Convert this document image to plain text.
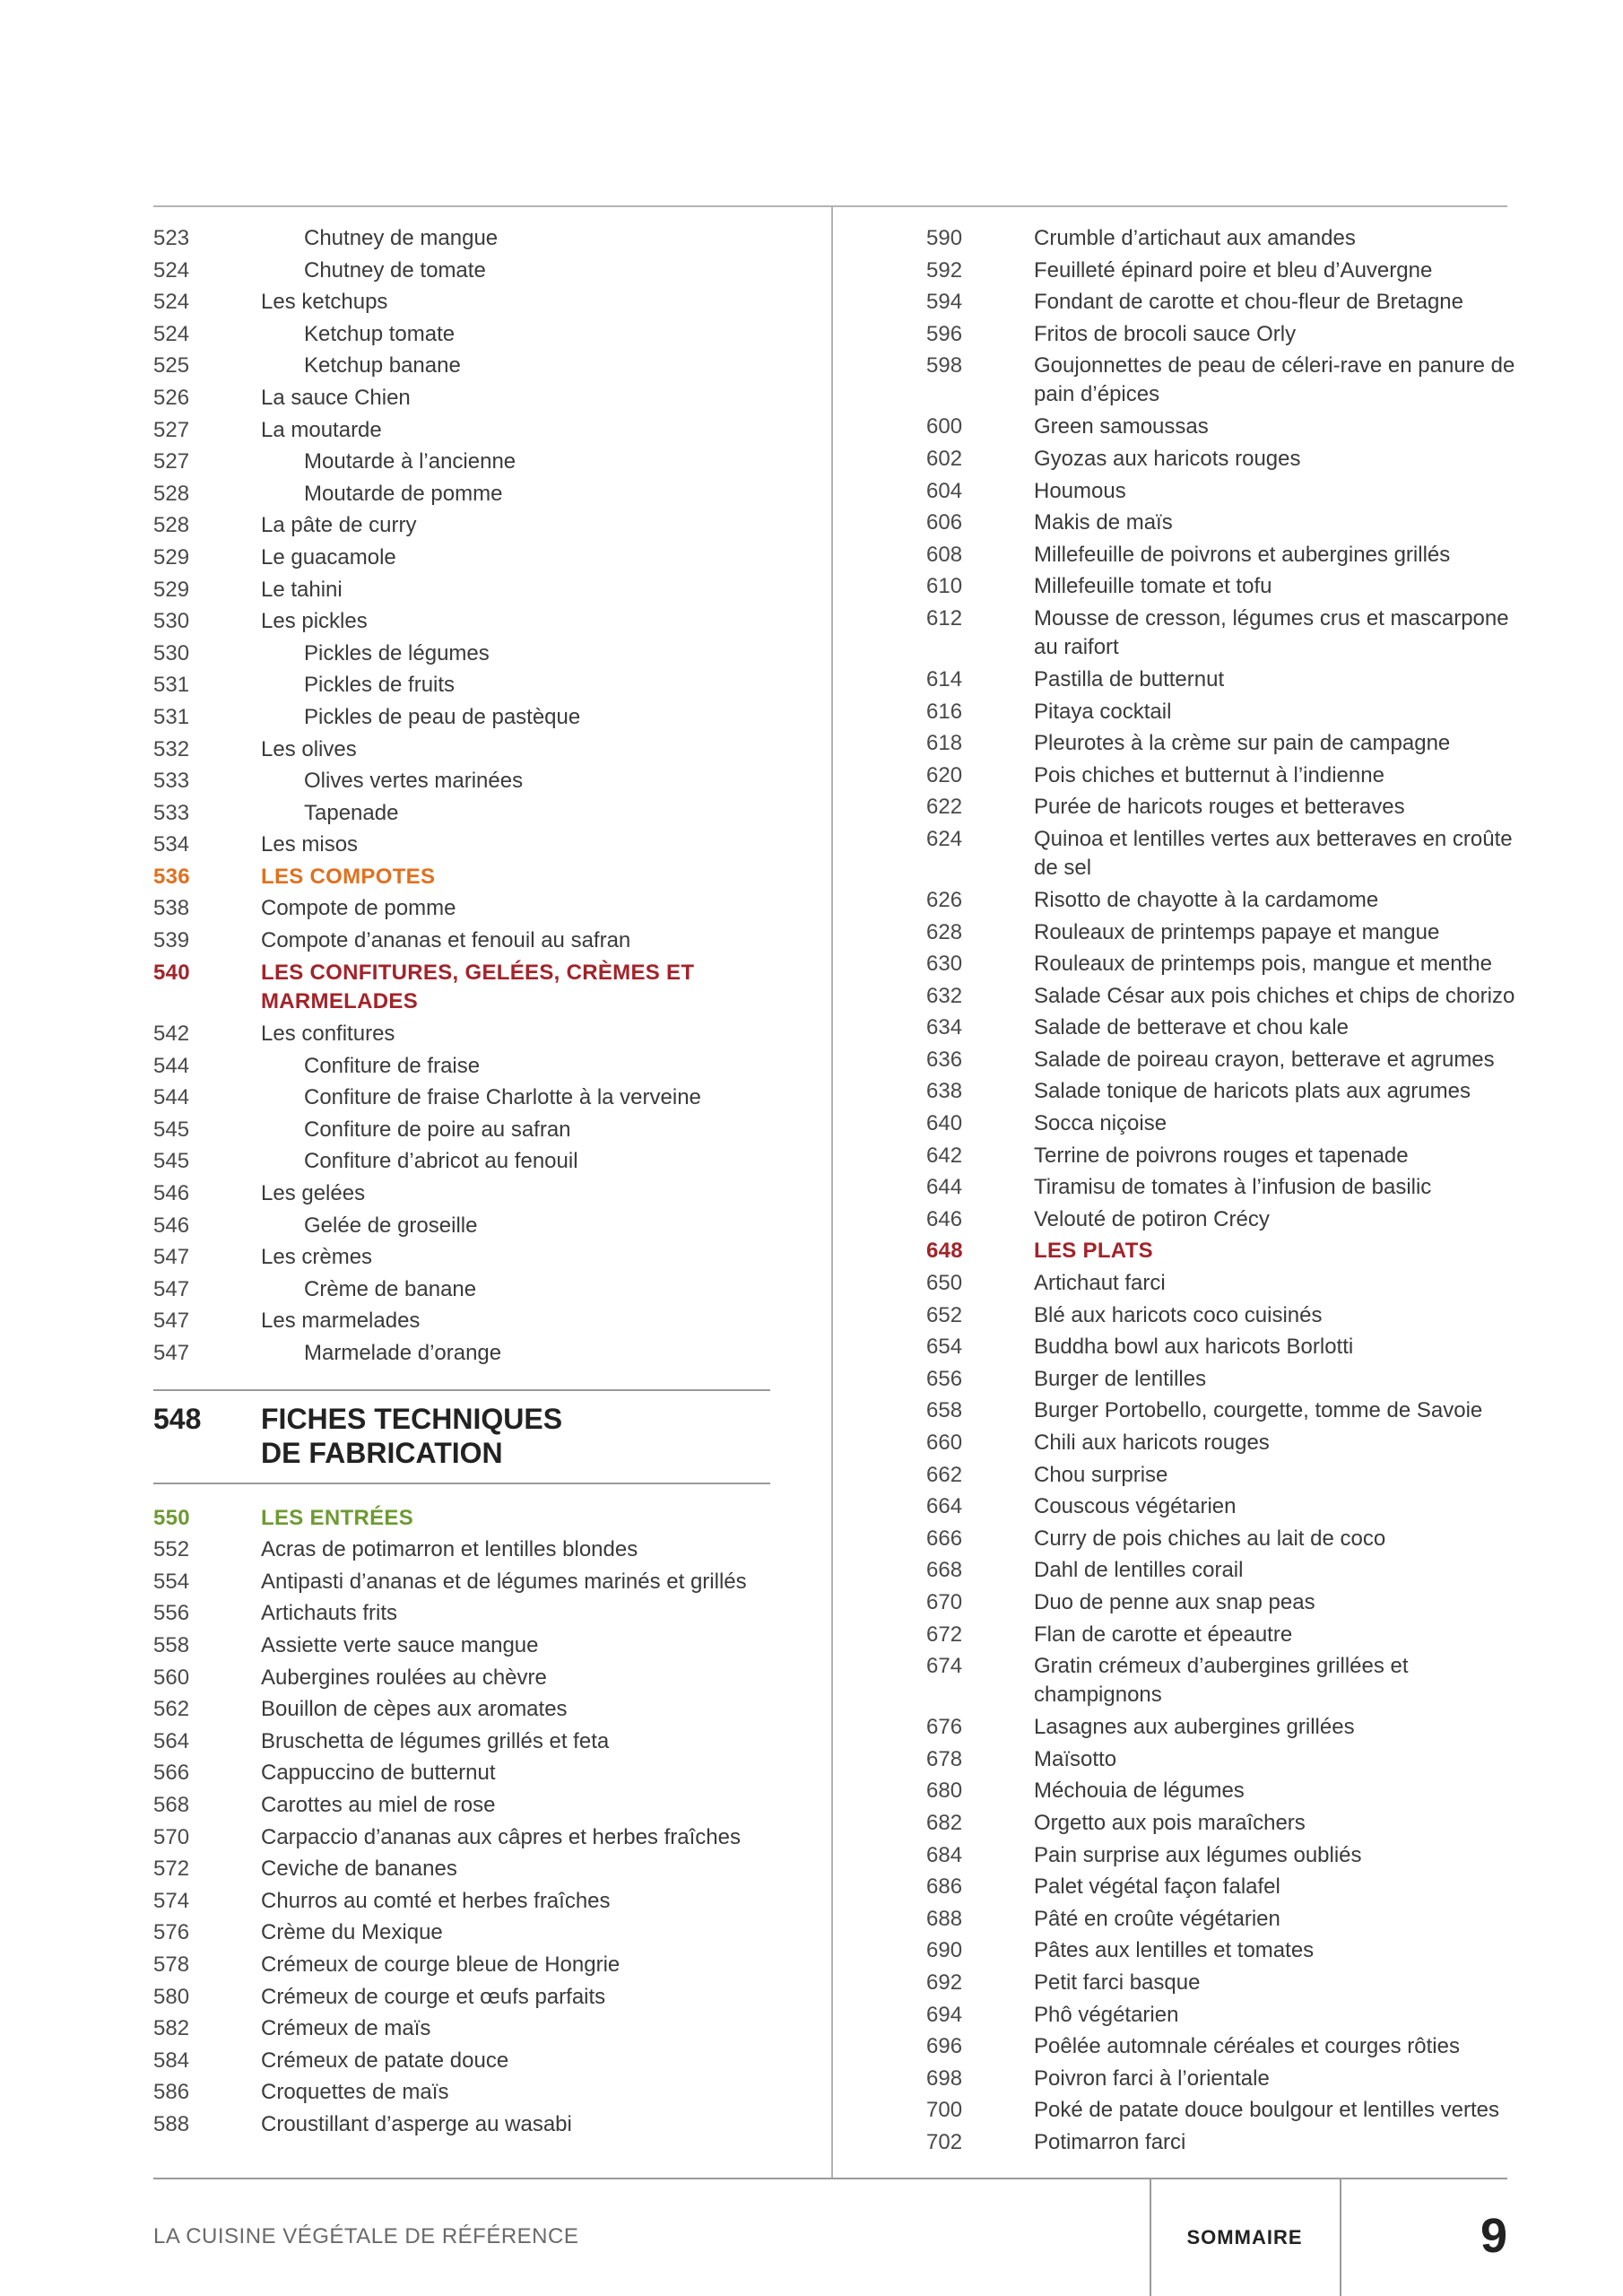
523	Chutney de mangue
524	Chutney de tomate
524	Les ketchups
524	Ketchup tomate
525	Ketchup banane
526	La sauce Chien
527	La moutarde
527	Moutarde à l’ancienne
528	Moutarde de pomme
528	La pâte de curry
529	Le guacamole
529	Le tahini
530	Les pickles
530	Pickles de légumes
531	Pickles de fruits
531	Pickles de peau de pastèque
532	Les olives
533	Olives vertes marinées
533	Tapenade
534	Les misos
536	LES COMPOTES
538	Compote de pomme
539	Compote d’ananas et fenouil au safran
540	LES CONFITURES, GELÉES, CRÈMES ET MARMELADES
542	Les confitures
544	Confiture de fraise
544	Confiture de fraise Charlotte à la verveine
545	Confiture de poire au safran
545	Confiture d’abricot au fenouil
546	Les gelées
546	Gelée de groseille
547	Les crèmes
547	Crème de banane
547	Les marmelades
547	Marmelade d’orange
548	FICHES TECHNIQUES
DE FABRICATION
550	LES ENTRÉES
552	Acras de potimarron et lentilles blondes
554	Antipasti d’ananas et de légumes marinés et grillés
556	Artichauts frits
558	Assiette verte sauce mangue
560	Aubergines roulées au chèvre
562	Bouillon de cèpes aux aromates
564	Bruschetta de légumes grillés et feta
566	Cappuccino de butternut
568	Carottes au miel de rose
570	Carpaccio d’ananas aux câpres et herbes fraîches
572	Ceviche de bananes
574	Churros au comté et herbes fraîches
576	Crème du Mexique
578	Crémeux de courge bleue de Hongrie
580	Crémeux de courge et œufs parfaits
582	Crémeux de maïs
584	Crémeux de patate douce
586	Croquettes de maïs
588	Croustillant d’asperge au wasabi
590	Crumble d’artichaut aux amandes
592	Feuilleté épinard poire et bleu d’Auvergne
594	Fondant de carotte et chou-fleur de Bretagne
596	Fritos de brocoli sauce Orly
598	Goujonnettes de peau de céleri-rave en panure de pain d’épices
600	Green samoussas
602	Gyozas aux haricots rouges
604	Houmous
606	Makis de maïs
608	Millefeuille de poivrons et aubergines grillés
610	Millefeuille tomate et tofu
612	Mousse de cresson, légumes crus et mascarpone au raifort
614	Pastilla de butternut
616	Pitaya cocktail
618	Pleurotes à la crème sur pain de campagne
620	Pois chiches et butternut à l’indienne
622	Purée de haricots rouges et betteraves
624	Quinoa et lentilles vertes aux betteraves en croûte de sel
626	Risotto de chayotte à la cardamome
628	Rouleaux de printemps papaye et mangue
630	Rouleaux de printemps pois, mangue et menthe
632	Salade César aux pois chiches et chips de chorizo
634	Salade de betterave et chou kale
636	Salade de poireau crayon, betterave et agrumes
638	Salade tonique de haricots plats aux agrumes
640	Socca niçoise
642	Terrine de poivrons rouges et tapenade
644	Tiramisu de tomates à l’infusion de basilic
646	Velouté de potiron Crécy
648	LES PLATS
650	Artichaut farci
652	Blé aux haricots coco cuisinés
654	Buddha bowl aux haricots Borlotti
656	Burger de lentilles
658	Burger Portobello, courgette, tomme de Savoie
660	Chili aux haricots rouges
662	Chou surprise
664	Couscous végétarien
666	Curry de pois chiches au lait de coco
668	Dahl de lentilles corail
670	Duo de penne aux snap peas
672	Flan de carotte et épeautre
674	Gratin crémeux d’aubergines grillées et champignons
676	Lasagnes aux aubergines grillées
678	Maïsotto
680	Méchouia de légumes
682	Orgetto aux pois maraîchers
684	Pain surprise aux légumes oubliés
686	Palet végétal façon falafel
688	Pâté en croûte végétarien
690	Pâtes aux lentilles et tomates
692	Petit farci basque
694	Phô végétarien
696	Poêlée automnale céréales et courges rôties
698	Poivron farci à l’orientale
700	Poké de patate douce boulgour et lentilles vertes
702	Potimarron farci
LA CUISINE VÉGÉTALE DE RÉFÉRENCE	SOMMAIRE	9
